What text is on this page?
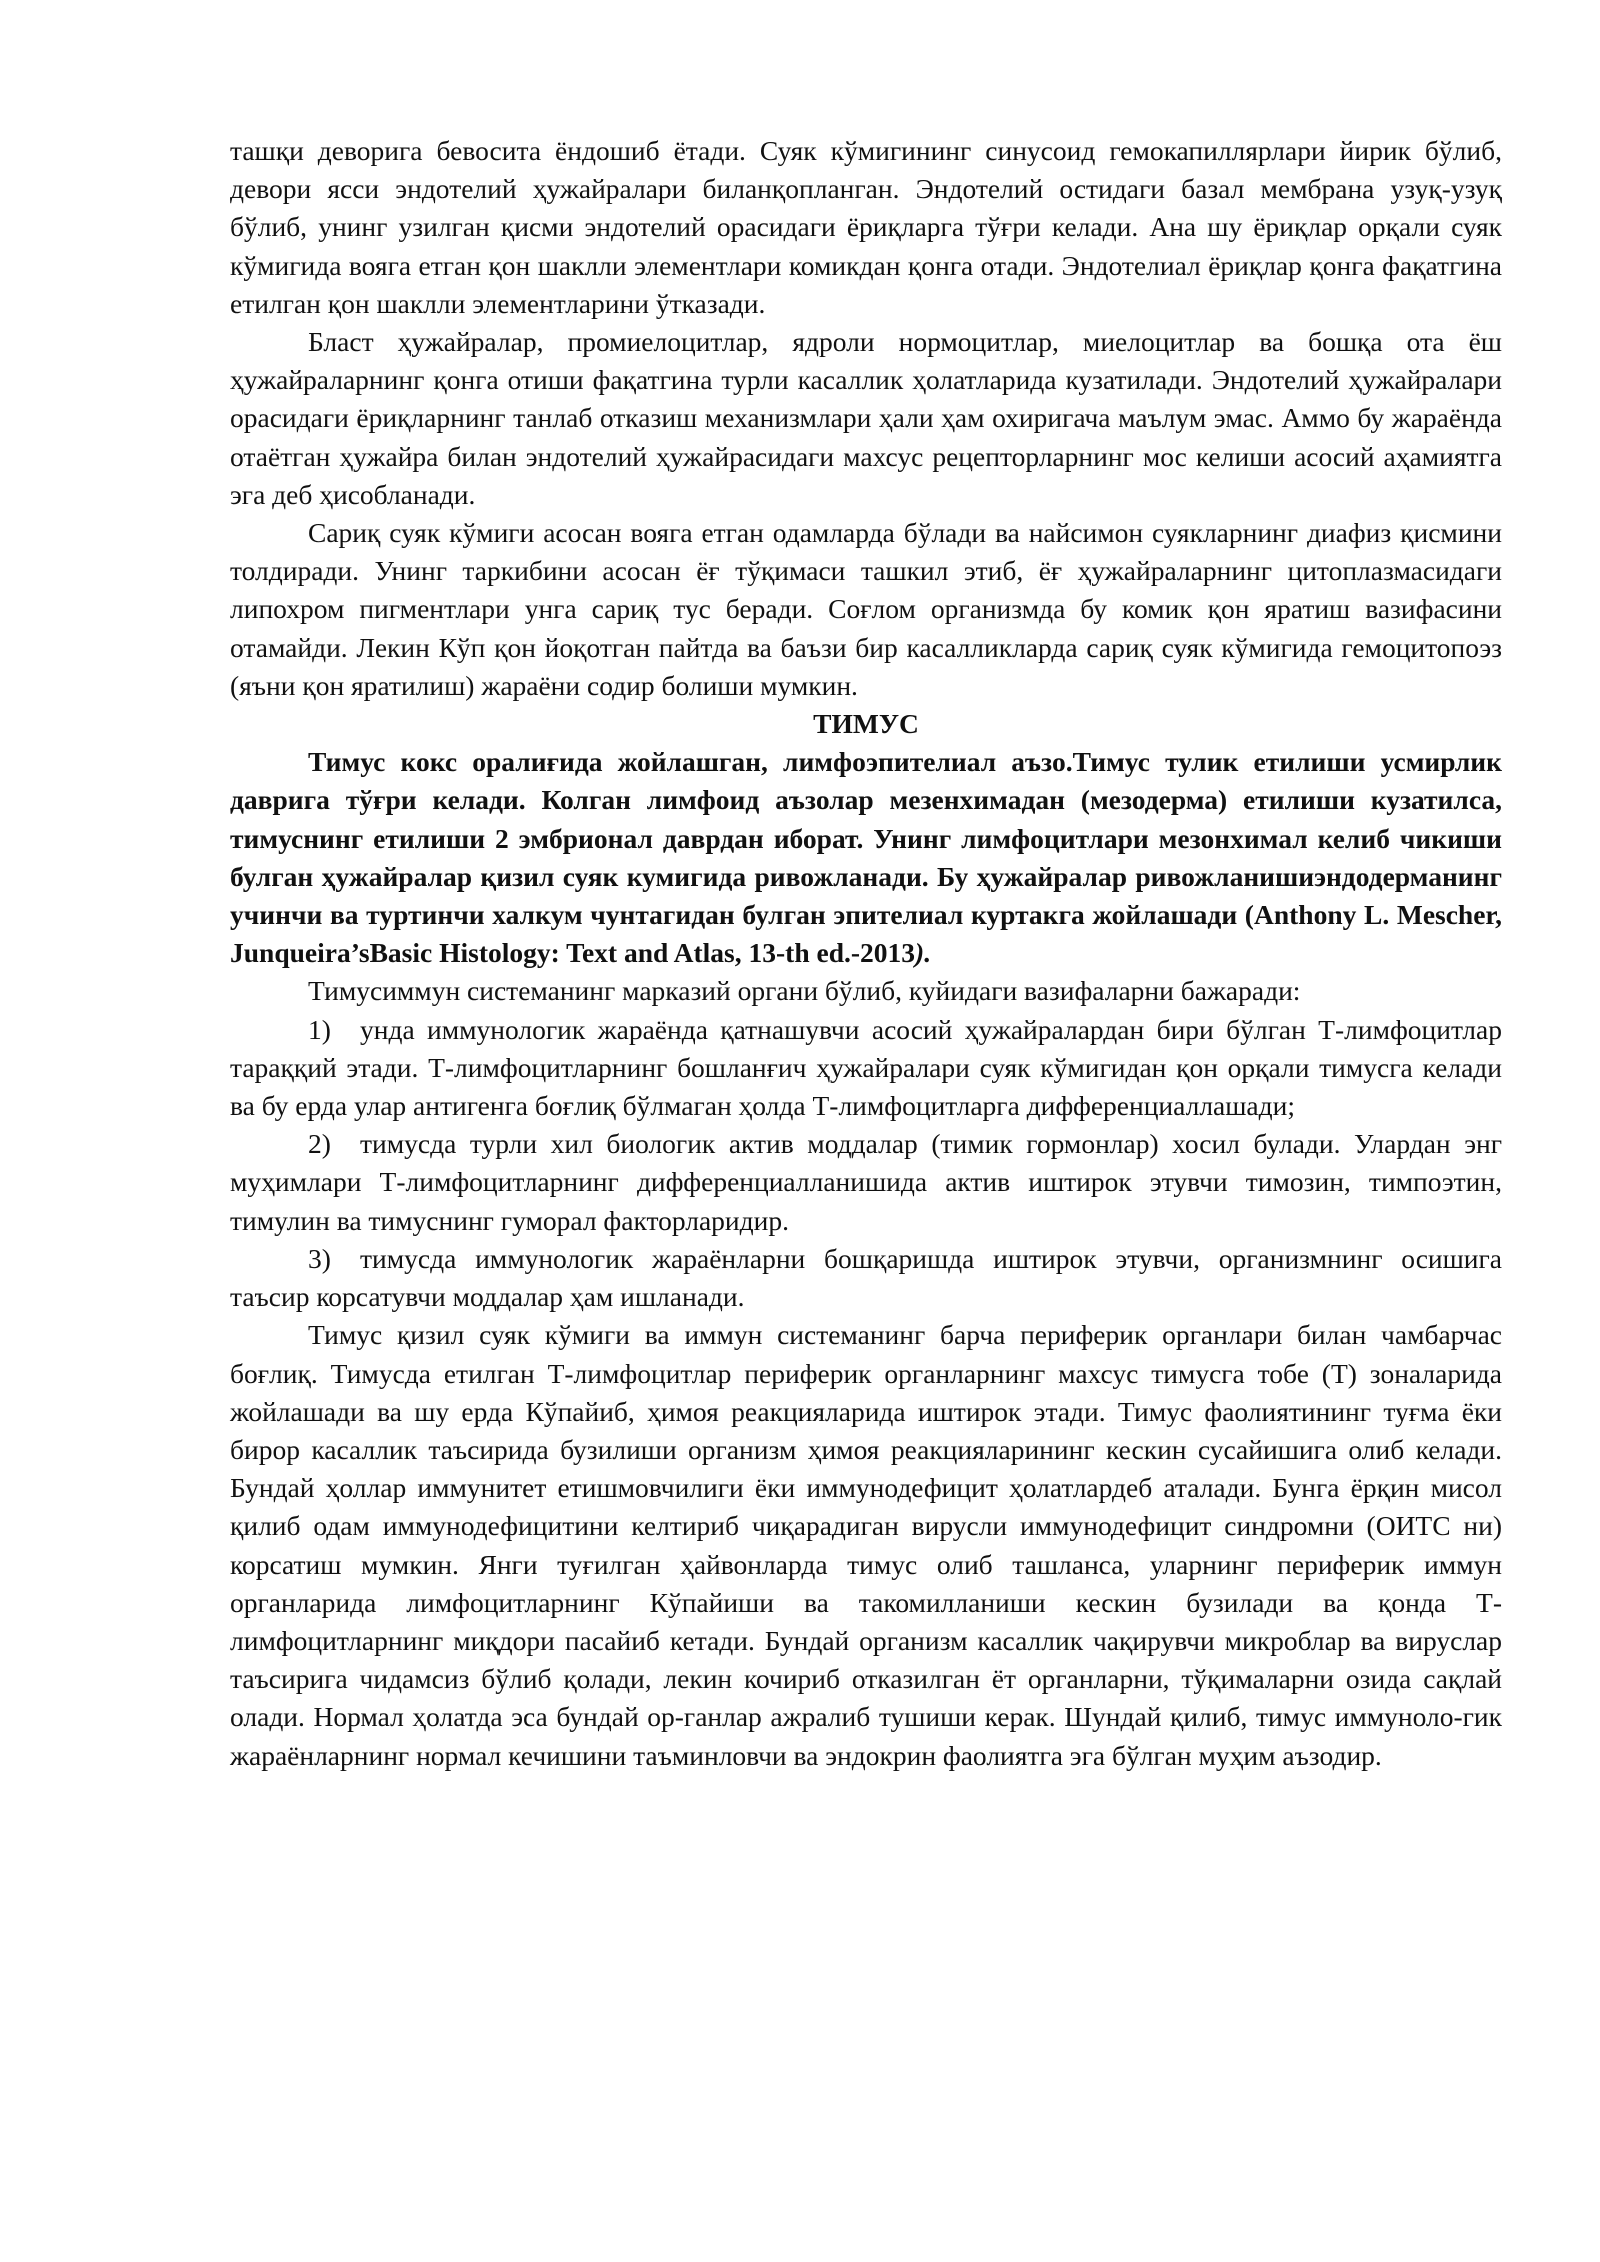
ташқи деворига бевосита ёндошиб ётади. Суяк кўмигининг синусоид гемокапиллярлари йирик бўлиб, девори ясси эндотелий ҳужайралари биланқопланган. Эндотелий остидаги базал мембрана узуқ-узуқ бўлиб, унинг узилган қисми эндотелий орасидаги ёриқларга тўғри келади. Ана шу ёриқлар орқали суяк кўмигида вояга етган қон шаклли элементлари комикдан қонга отади. Эндотелиал ёриқлар қонга фақатгина етилган қон шаклли элементларини ўтказади.

Бласт ҳужайралар, промиелоцитлар, ядроли нормоцитлар, миелоцитлар ва бошқа ота ёш ҳужайраларнинг қонга отиши фақатгина турли касаллик ҳолатларида кузатилади. Эндотелий ҳужайралари орасидаги ёриқларнинг танлаб отказиш механизмлари ҳали ҳам охиригача маълум эмас. Аммо бу жараёнда отаётган ҳужайра билан эндотелий ҳужайрасидаги махсус рецепторларнинг мос келиши асосий аҳамиятга эга деб ҳисобланади.

Сариқ суяк кўмиги асосан вояга етган одамларда бўлади ва найсимон суякларнинг диафиз қисмини толдиради. Унинг таркибини асосан ёғ тўқимаси ташкил этиб, ёғ ҳужайраларнинг цитоплазмасидаги липохром пигментлари унга сариқ тус беради. Соғлом организмда бу комик қон яратиш вазифасини отамайди. Лекин Кўп қон йоқотган пайтда ва баъзи бир касалликларда сариқ суяк кўмигида гемоцитопоэз (яъни қон яратилиш) жараёни содир болиши мумкин.

ТИМУС

Тимус кокс оралиғида жойлашган, лимфоэпителиал аъзо.Тимус тулик етилиши усмирлик даврига тўғри келади. Колган лимфоид аъзолар мезенхимадан (мезодерма) етилиши кузатилса, тимуснинг етилиши 2 эмбрионал даврдан иборат. Унинг лимфоцитлари мезонхимал келиб чикиши булган ҳужайралар қизил суяк кумигида ривожланади. Бу ҳужайралар ривожланишиэндодерманинг учинчи ва туртинчи халкум чунтагидан булган эпителиал куртакга жойлашади (Anthony L. Mescher, Junqueira’sBasic Histology: Text and Atlas, 13-th ed.-2013).

Тимусиммун системанинг марказий органи бўлиб, куйидаги вазифаларни бажаради:

1) унда иммунологик жараёнда қатнашувчи асосий ҳужайралардан бири бўлган Т-лимфоцитлар тараққий этади. Т-лимфоцитларнинг бошланғич ҳужайралари суяк кўмигидан қон орқали тимусга келади ва бу ерда улар антигенга боғлиқ бўлмаган ҳолда Т-лимфоцитларга дифференциаллашади;

2) тимусда турли хил биологик актив моддалар (тимик гормонлар) хосил булади. Улардан энг муҳимлари Т-лимфоцитларнинг дифференциалланишида актив иштирок этувчи тимозин, тимпоэтин, тимулин ва тимуснинг гуморал факторларидир.

3) тимусда иммунологик жараёнларни бошқаришда иштирок этувчи, организмнинг осишига таъсир корсатувчи моддалар ҳам ишланади.

Тимус қизил суяк кўмиги ва иммун системанинг барча периферик органлари билан чамбарчас боғлиқ. Тимусда етилган Т-лимфоцитлар периферик органларнинг махсус тимусга тобе (Т) зоналарида жойлашади ва шу ерда Кўпайиб, ҳимоя реакцияларида иштирок этади. Тимус фаолиятининг туғма ёки бирор касаллик таъсирида бузилиши организм ҳимоя реакцияларининг кескин сусайишига олиб келади. Бундай ҳоллар иммунитет етишмовчилиги ёки иммунодефицит ҳолатлардеб аталади. Бунга ёрқин мисол қилиб одам иммунодефицитини келтириб чиқарадиган вирусли иммунодефицит синдромни (ОИТС ни) корсатиш мумкин. Янги туғилган ҳайвонларда тимус олиб ташланса, уларнинг периферик иммун органларида лимфоцитларнинг Кўпайиши ва такомилланиши кескин бузилади ва қонда Т-лимфоцитларнинг миқдори пасайиб кетади. Бундай организм касаллик чақирувчи микроблар ва вируслар таъсирига чидамсиз бўлиб қолади, лекин кочириб отказилган ёт органларни, тўқималарни озида сақлай олади. Нормал ҳолатда эса бундай ор-ганлар ажралиб тушиши керак. Шундай қилиб, тимус иммуноло-гик жараёнларнинг нормал кечишини таъминловчи ва эндокрин фаолиятга эга бўлган муҳим аъзодир.
